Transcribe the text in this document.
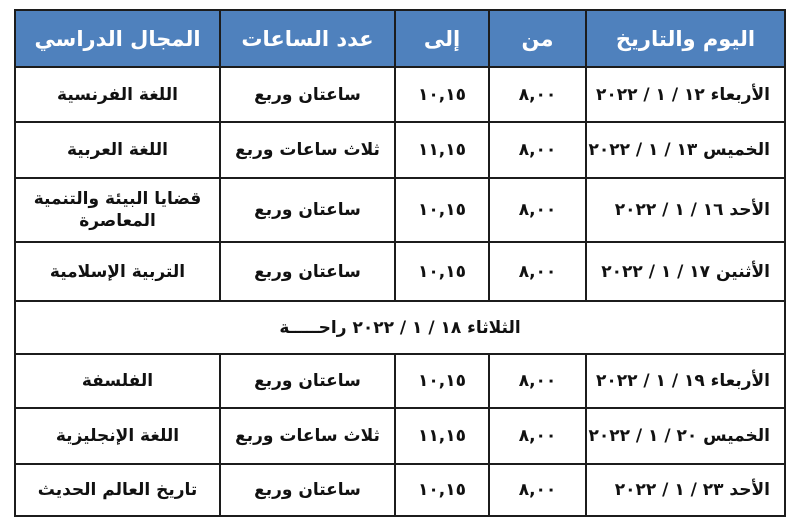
المجال الدراسي	عدد الساعات	إلى	من	اليوم والتاريخ
اللغة الفرنسية	ساعتان وربع	١٠,١٥	٨,٠٠	الأربعاء ١٢ / ١ / ٢٠٢٢
اللغة العربية	ثلاث ساعات وربع	١١,١٥	٨,٠٠	الخميس ١٣ / ١ / ٢٠٢٢
قضايا البيئة والتنمية المعاصرة	ساعتان وربع	١٠,١٥	٨,٠٠	الأحد ١٦ / ١ / ٢٠٢٢
التربية الإسلامية	ساعتان وربع	١٠,١٥	٨,٠٠	الأثنين ١٧ / ١ / ٢٠٢٢
الثلاثاء ١٨ / ١ / ٢٠٢٢ راحـــــة				
الفلسفة	ساعتان وربع	١٠,١٥	٨,٠٠	الأربعاء ١٩ / ١ / ٢٠٢٢
اللغة الإنجليزية	ثلاث ساعات وربع	١١,١٥	٨,٠٠	الخميس ٢٠ / ١ / ٢٠٢٢
تاريخ العالم الحديث	ساعتان وربع	١٠,١٥	٨,٠٠	الأحد ٢٣ / ١ / ٢٠٢٢
